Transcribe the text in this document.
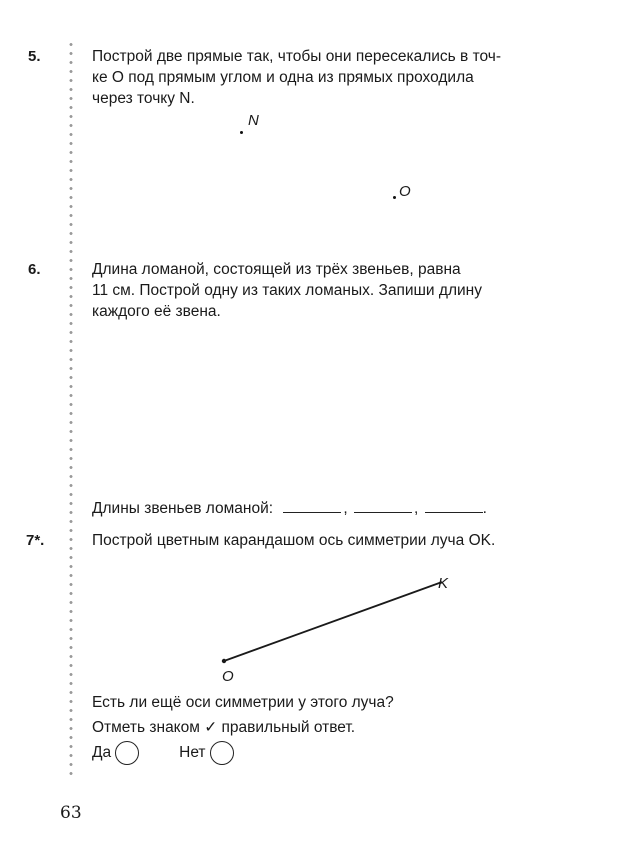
5.	Построй две прямые так, чтобы они пересекались в точ-
ке O под прямым углом и одна из прямых проходила
через точку N.
N
O
6.	Длина ломаной, состоящей из трёх звеньев, равна
11 см. Построй одну из таких ломаных. Запиши длину
каждого её звена.
Длины звеньев ломаной:	,	,	.
7*.	Построй цветным карандашом ось симметрии луча OK.
K
O
Есть ли ещё оси симметрии у этого луча?
Отметь знаком ✓ правильный ответ.
Да	Нет
63
